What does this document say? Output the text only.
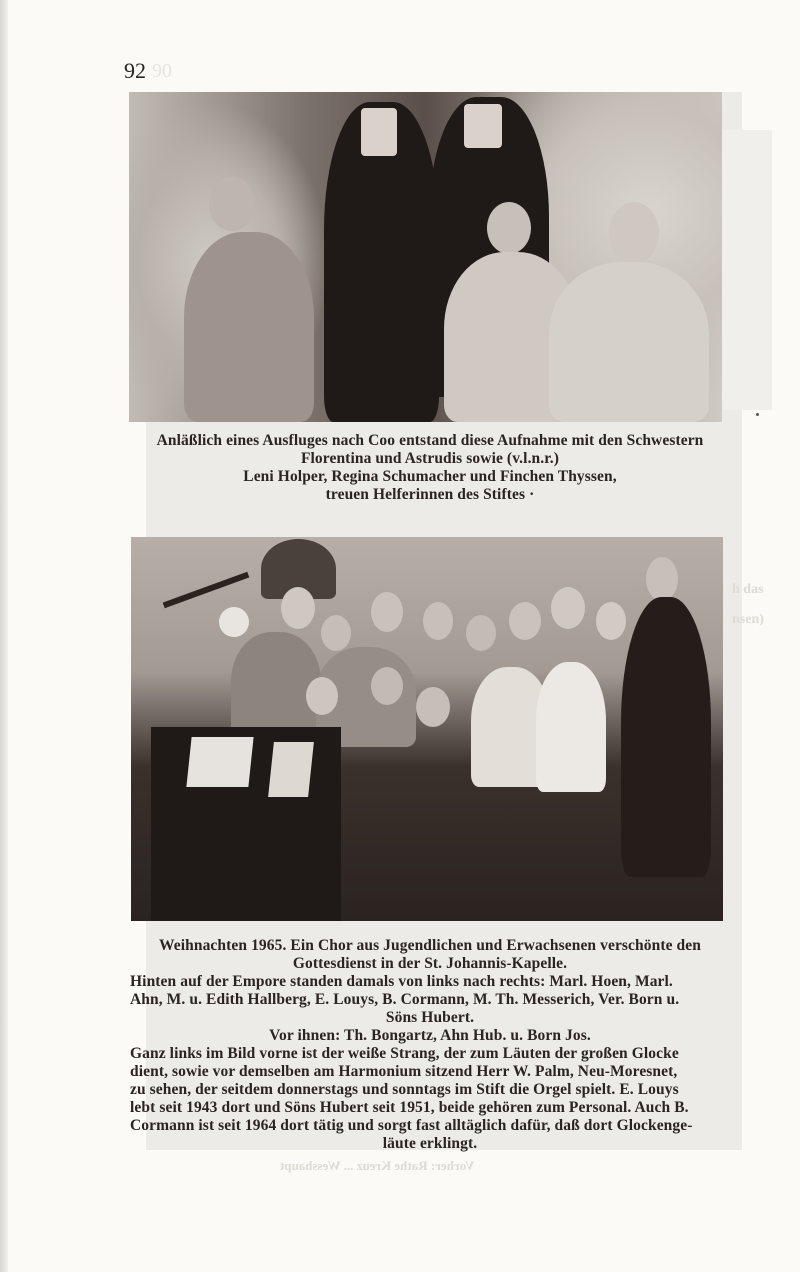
92 90
Anläßlich eines Ausfluges nach Coo entstand diese Aufnahme mit den Schwestern
Florentina und Astrudis sowie (v.l.n.r.)
Leni Holper, Regina Schumacher und Finchen Thyssen,
treuen Helferinnen des Stiftes ·
h das
nsen)
Weihnachten 1965. Ein Chor aus Jugendlichen und Erwachsenen verschönte den
Gottesdienst in der St. Johannis-Kapelle.
Hinten auf der Empore standen damals von links nach rechts: Marl. Hoen, Marl.
Ahn, M. u. Edith Hallberg, E. Louys, B. Cormann, M. Th. Messerich, Ver. Born u.
Söns Hubert.
Vor ihnen: Th. Bongartz, Ahn Hub. u. Born Jos.
Ganz links im Bild vorne ist der weiße Strang, der zum Läuten der großen Glocke
dient, sowie vor demselben am Harmonium sitzend Herr W. Palm, Neu-Moresnet,
zu sehen, der seitdem donnerstags und sonntags im Stift die Orgel spielt. E. Louys
lebt seit 1943 dort und Söns Hubert seit 1951, beide gehören zum Personal. Auch B.
Cormann ist seit 1964 dort tätig und sorgt fast alltäglich dafür, daß dort Glockenge-
läute erklingt.
Vorher: Rathe Kreuz ... Wesshaupt
